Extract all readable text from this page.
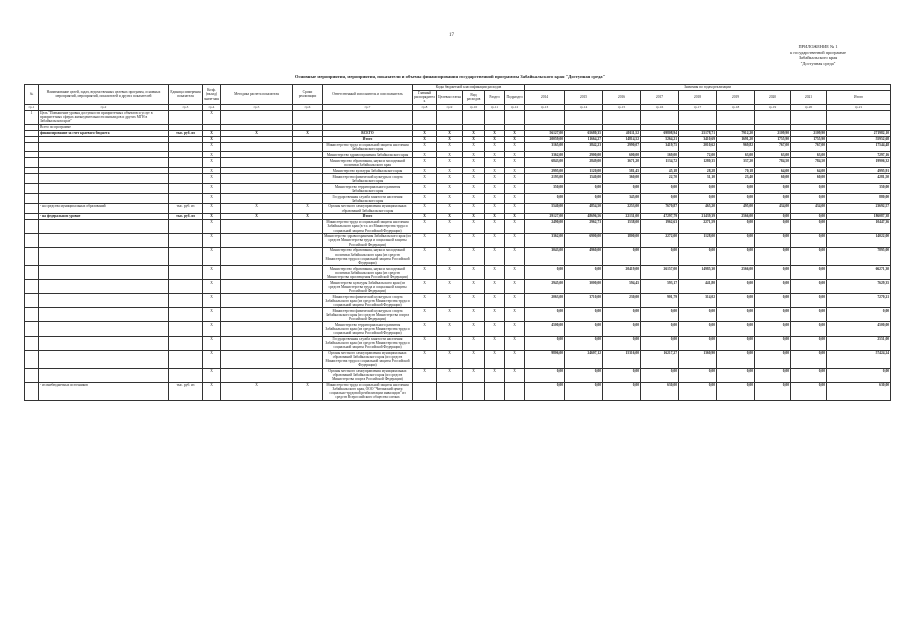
17
ПРИЛОЖЕНИЕ № 1
к государственной программе
Забайкальского края
"Доступная среда"
Основные мероприятия, мероприятия, показатели и объемы финансирования государственной программы Забайкальского края "Доступная среда"
№	Наименование целей, задач, ведомственных целевых программ, основных мероприятий, мероприятий, показателей и других показателей	Единица измерения показателя	Коэф. (вклад) значе-ния	Методика расчета показателя	Сроки реализации	Ответственный исполнитель и соисполнитель	Коды бюджетной классификации расходов					Значения по годам реализации								
							Главный распорядитель	Целевая статья	Вид расходов	Раздел	Подраздел	2014	2015	2016	2017	2018	2019	2020	2021	Итого
гр.1	гр.2	гр.3	гр.4	гр.5	гр.6	гр.7	гр.8	гр.9	гр.10	гр.11	гр.12	гр.13	гр.14	гр.15	гр.16	гр.17	гр.18	гр.19	гр.20	гр.21
1	Цель "Повышение уровня доступности приоритетных объектов и услуг в приоритетных сферах жизнедеятельности инвалидов и других МГН в Забайкальском крае"		X																	
	Всего по программе																			
	финансирование за счет краевого бюджета	тыс. руб. из	X	X	X	ВСЕГО	X	X	X	X	X	56127,00	65680,35	40111,52	69808,94	25178,71	7912,20	2109,90	2109,90	271982,10
			X			Итого	X	X	X	X	X	20059,00	11664,27	14814,52	5264,21	3410,69	1691,20	1755,90	1755,90	55952,68
			X			Министерство труда и социальной защиты населения Забайкальского края	X	X	X	X	X	3165,00	3842,23	2990,07	3419,75	2010,62	969,82	767,00	767,00	17544,48
			X			Министерство здравоохранения Забайкальского края	X	X	X	X	X	3362,00	2900,00	600,00	169,00	72,00	63,00	63,00	63,00	7297,16
			X			Министерство образования, науки и молодежной политики Забайкальского края	X	X	X	X	X	6843,00	2849,00	3671,20	1134,72	1280,35	337,20	784,50	784,50	19906,32
			X			Министерство культуры Забайкальского края	X	X	X	X	X	2995,00	1120,00	581,45	45,18	28,28	70,18	64,00	64,00	4995,91
			X			Министерство физической культуры и спорта Забайкальского края	X	X	X	X	X	2193,00	1540,00	360,00	22,70	31,10	23,40	60,00	60,00	4281,50
			X			Министерство территориального развития Забайкальского края	X	X	X	X	X	350,00	0,00	0,00	0,00	0,00	0,00	0,00	0,00	350,00
			X			Государственная служба занятости населения Забайкальского края	X	X	X	X	X	0,00	0,00	345,00	0,00	0,00	0,00	0,00	0,00	880,00
	- на средства муниципальных образований	тыс. руб. из	X	X	X	Органы местного самоуправления муниципальных образований Забайкальского края	X	X	X	X	X	5540,00	4854,50	2253,00	7670,87	465,20	495,00	434,00	434,00	23692,57
	- на федеральном уровне	тыс. руб. из	X	X	X	Итого	X	X	X	X	X	29127,00	48696,56	22131,00	47297,79	21439,39	2566,00	0,00	0,00	186087,38
			X			Министерство труда и социальной защиты населения Забайкальского края (в т.ч. из Министерства труда и социальной защиты Российской Федерации)	X	X	X	X	X	2490,00	2962,73	1538,00	1962,63	2271,59	0,00	0,00	0,00	10447,36
			X			Министерство здравоохранения Забайкальского края (из средств Министерства труда и социальной защиты Российской Федерации)	X	X	X	X	X	3362,00	6900,00	1800,00	2272,00	1128,00	0,00	0,00	0,00	14022,00
			X			Министерство образования, науки и молодежной политики Забайкальского края (из средств Министерства труда и социальной защиты Российской Федерации)	X	X	X	X	X	3043,00	4960,00	0,00	0,00	0,00	0,00	0,00	0,00	7895,00
			X			Министерство образования, науки и молодежной политики Забайкальского края (из средств Министерства просвещения Российской Федерации)	X	X	X	X	X	0,00	0,00	20419,00	26157,00	14985,30	2566,00	0,00	0,00	66271,30
			X			Министерство культуры Забайкальского края (из средств Министерства труда и социальной защиты Российской Федерации)	X	X	X	X	X	2945,00	3000,00	594,45	593,17	441,80	0,00	0,00	0,00	7629,35
			X			Министерство физической культуры и спорта Забайкальского края (из средств Министерства труда и социальной защиты Российской Федерации)	X	X	X	X	X	2063,00	3710,00	230,00	901,79	314,02	0,00	0,00	0,00	7270,21
			X			Министерство физической культуры и спорта Забайкальского края (из средств Министерства спорта Российской Федерации)	X	X	X	X	X	0,00	0,00	0,00	0,00	0,00	0,00	0,00	0,00	0,00
			X			Министерство территориального развития Забайкальского края (из средств Министерства труда и социальной защиты Российской Федерации)	X	X	X	X	X	4500,00	0,00	0,00	0,00	0,00	0,00	0,00	0,00	4500,00
			X			Государственная служба занятости населения Забайкальского края (из средств Министерства труда и социальной защиты Российской Федерации)	X	X	X	X	X	0,00	0,00	0,00	0,00	0,00	0,00	0,00	0,00	2551,00
			X			Органы местного самоуправления муниципальных образований Забайкальского края (из средств Министерства труда и социальной защиты Российской Федерации)	X	X	X	X	X	9806,00	24607,12	15316,00	16217,27	1360,90	0,00	0,00	0,00	57424,24
			X			Органы местного самоуправления муниципальных образований Забайкальского края (из средств Министерства спорта Российской Федерации)	X	X	X	X	X	0,00	0,00	0,00	0,00	0,00	0,00	0,00	0,00	0,00
	- из внебюджетных источников	тыс. руб. из	X	X	X	Министерство труда и социальной защиты населения Забайкальского края, ООО "Читинский центр социально-трудовой реабилитации инвалидов" из средств Всероссийского общества слепых						0,00	0,00	0,00	630,00	0,00	0,00	0,00	0,00	630,00
